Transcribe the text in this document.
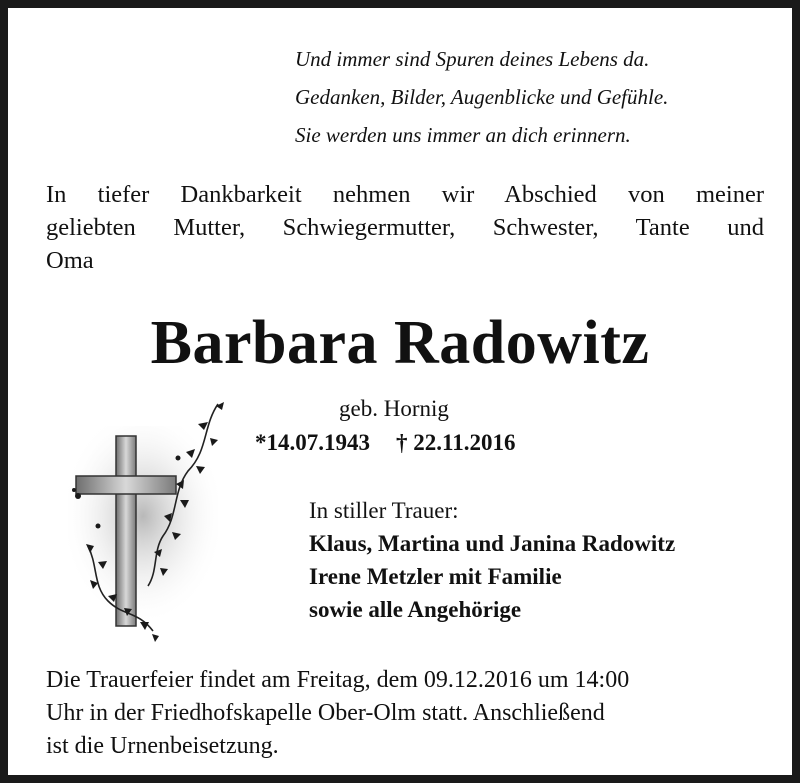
Und immer sind Spuren deines Lebens da.
Gedanken, Bilder, Augenblicke und Gefühle.
Sie werden uns immer an dich erinnern.
In tiefer Dankbarkeit nehmen wir Abschied von meiner
geliebten Mutter, Schwiegermutter, Schwester, Tante und
Oma
Barbara Radowitz
geb. Hornig
*14.07.1943 † 22.11.2016
In stiller Trauer:
Klaus, Martina und Janina Radowitz
Irene Metzler mit Familie
sowie alle Angehörige
Die Trauerfeier findet am Freitag, dem 09.12.2016 um 14:00
Uhr in der Friedhofskapelle Ober-Olm statt. Anschließend
ist die Urnenbeisetzung.
